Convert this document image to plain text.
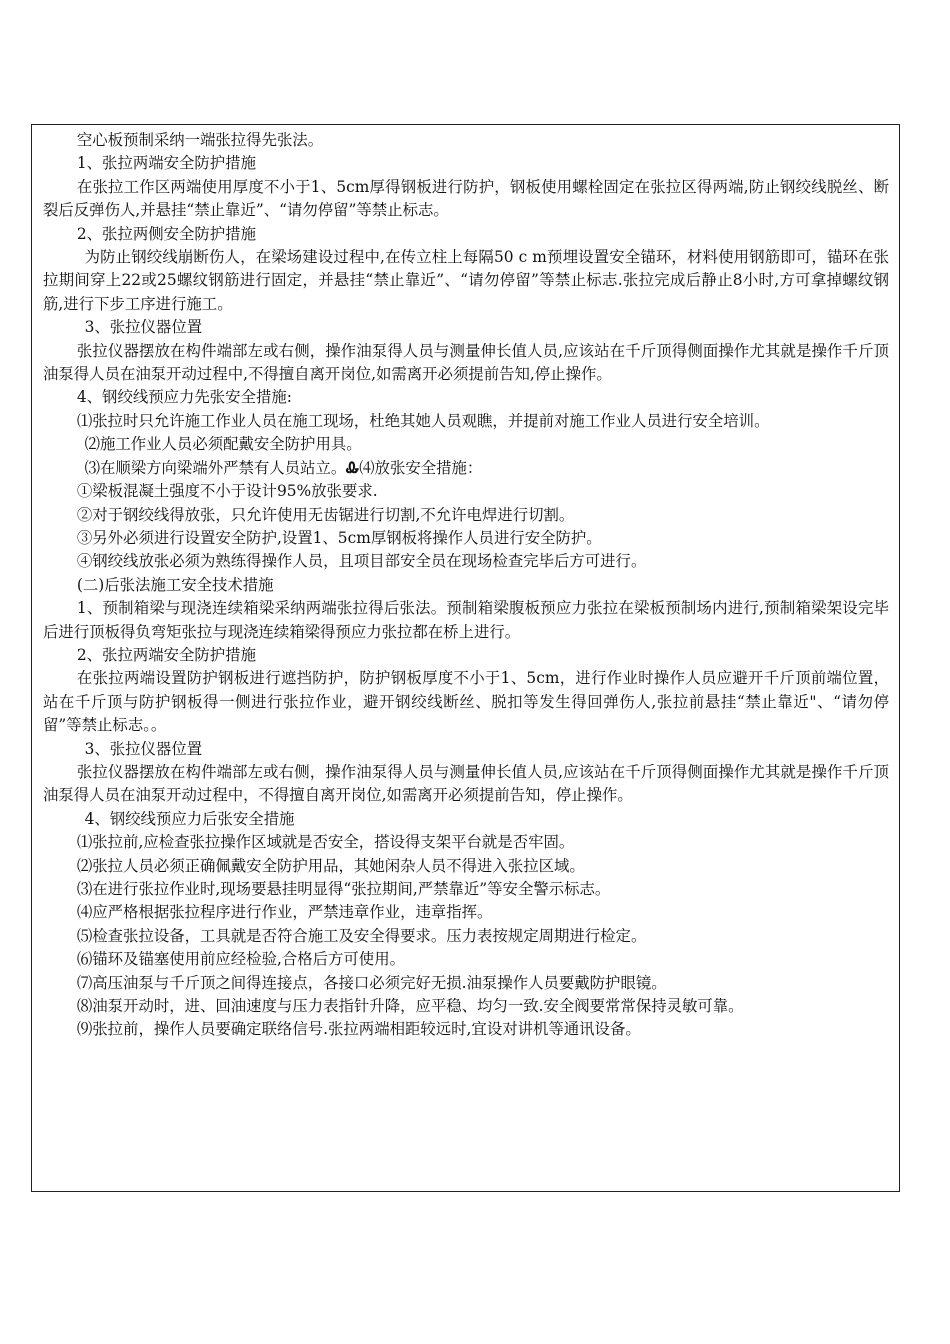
空心板预制采纳一端张拉得先张法。

1、张拉两端安全防护措施

在张拉工作区两端使用厚度不小于1、5cm厚得钢板进行防护，钢板使用螺栓固定在张拉区得两端,防止钢绞线脱丝、断裂后反弹伤人,并悬挂“禁止靠近”、“请勿停留”等禁止标志。

2、张拉两侧安全防护措施

为防止钢绞线崩断伤人，在梁场建设过程中,在传立柱上每隔50 c m预埋设置安全锚环，材料使用钢筋即可，锚环在张拉期间穿上22或25螺纹钢筋进行固定，并悬挂“禁止靠近”、“请勿停留”等禁止标志.张拉完成后静止8小时,方可拿掉螺纹钢筋,进行下步工序进行施工。

3、张拉仪器位置

张拉仪器摆放在构件端部左或右侧，操作油泵得人员与测量伸长值人员,应该站在千斤顶得侧面操作尤其就是操作千斤顶油泵得人员在油泵开动过程中,不得擅自离开岗位,如需离开必须提前告知,停止操作。

4、钢绞线预应力先张安全措施:

⑴张拉时只允许施工作业人员在施工现场，杜绝其她人员观瞧，并提前对施工作业人员进行安全培训。

⑵施工作业人员必须配戴安全防护用具。

⑶在顺梁方向梁端外严禁有人员站立。Ꮂ⑷放张安全措施：

①梁板混凝土强度不小于设计95%放张要求.

②对于钢绞线得放张，只允许使用无齿锯进行切割,不允许电焊进行切割。

③另外必须进行设置安全防护,设置1、5cm厚钢板将操作人员进行安全防护。

④钢绞线放张必须为熟练得操作人员，且项目部安全员在现场检查完毕后方可进行。

(二)后张法施工安全技术措施

1、预制箱梁与现浇连续箱梁采纳两端张拉得后张法。预制箱梁腹板预应力张拉在梁板预制场内进行,预制箱梁架设完毕后进行顶板得负弯矩张拉与现浇连续箱梁得预应力张拉都在桥上进行。

2、张拉两端安全防护措施

在张拉两端设置防护钢板进行遮挡防护，防护钢板厚度不小于1、5cm，进行作业时操作人员应避开千斤顶前端位置，站在千斤顶与防护钢板得一侧进行张拉作业，避开钢绞线断丝、脱扣等发生得回弹伤人,张拉前悬挂“禁止靠近"、“请勿停留”等禁止标志。。

3、张拉仪器位置

张拉仪器摆放在构件端部左或右侧，操作油泵得人员与测量伸长值人员,应该站在千斤顶得侧面操作尤其就是操作千斤顶油泵得人员在油泵开动过程中，不得擅自离开岗位,如需离开必须提前告知，停止操作。

4、钢绞线预应力后张安全措施

⑴张拉前,应检查张拉操作区域就是否安全，搭设得支架平台就是否牢固。

⑵张拉人员必须正确佩戴安全防护用品，其她闲杂人员不得进入张拉区域。

⑶在进行张拉作业时,现场要悬挂明显得“张拉期间,严禁靠近”等安全警示标志。

⑷应严格根据张拉程序进行作业，严禁违章作业，违章指挥。

⑸检查张拉设备，工具就是否符合施工及安全得要求。压力表按规定周期进行检定。

⑹锚环及锚塞使用前应经检验,合格后方可使用。

⑺高压油泵与千斤顶之间得连接点，各接口必须完好无损.油泵操作人员要戴防护眼镜。

⑻油泵开动时，进、回油速度与压力表指针升降，应平稳、均匀一致.安全阀要常常保持灵敏可靠。

⑼张拉前，操作人员要确定联络信号.张拉两端相距较远时,宜设对讲机等通讯设备。
